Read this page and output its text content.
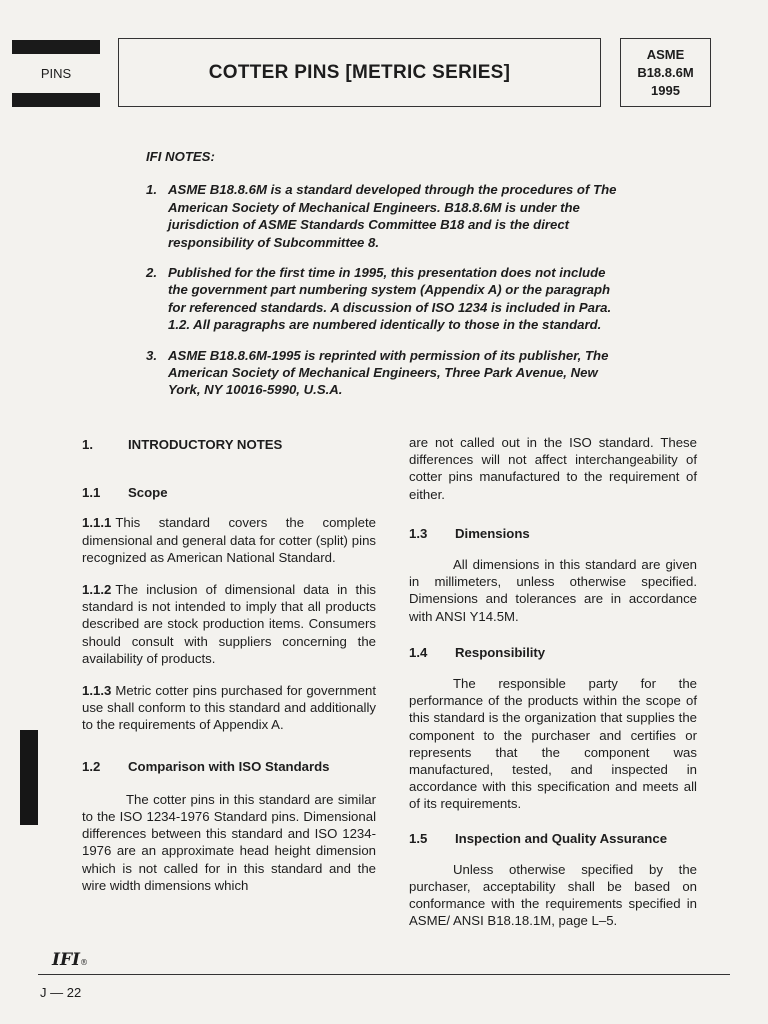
PINS	COTTER PINS [METRIC SERIES]
ASME
B18.8.6M
1995
IFI NOTES:
1. ASME B18.8.6M is a standard developed through the procedures of The American Society of Mechanical Engineers. B18.8.6M is under the jurisdiction of ASME Standards Committee B18 and is the direct responsibility of Subcommittee 8.
2. Published for the first time in 1995, this presentation does not include the government part numbering system (Appendix A) or the paragraph for referenced standards. A discussion of ISO 1234 is included in Para. 1.2. All paragraphs are numbered identically to those in the standard.
3. ASME B18.8.6M-1995 is reprinted with permission of its publisher, The American Society of Mechanical Engineers, Three Park Avenue, New York, NY 10016-5990, U.S.A.
1.	INTRODUCTORY NOTES
1.1	Scope

1.1.1 This standard covers the complete dimensional and general data for cotter (split) pins recognized as American National Standard.

1.1.2 The inclusion of dimensional data in this standard is not intended to imply that all products described are stock production items. Consumers should consult with suppliers concerning the availability of products.

1.1.3 Metric cotter pins purchased for government use shall conform to this standard and additionally to the requirements of Appendix A.

1.2	Comparison with ISO Standards

The cotter pins in this standard are similar to the ISO 1234-1976 Standard pins. Dimensional differences between this standard and ISO 1234-1976 are an approximate head height dimension which is not called for in this standard and the wire width dimensions which

are not called out in the ISO standard. These differences will not affect interchangeability of cotter pins manufactured to the requirement of either.

1.3	Dimensions

All dimensions in this standard are given in millimeters, unless otherwise specified. Dimensions and tolerances are in accordance with ANSI Y14.5M.

1.4	Responsibility

The responsible party for the performance of the products within the scope of this standard is the organization that supplies the component to the purchaser and certifies or represents that the component was manufactured, tested, and inspected in accordance with this specification and meets all of its requirements.

1.5	Inspection and Quality Assurance

Unless otherwise specified by the purchaser, acceptability shall be based on conformance with the requirements specified in ASME/ ANSI B18.18.1M, page L–5.

IFI®
J — 22
